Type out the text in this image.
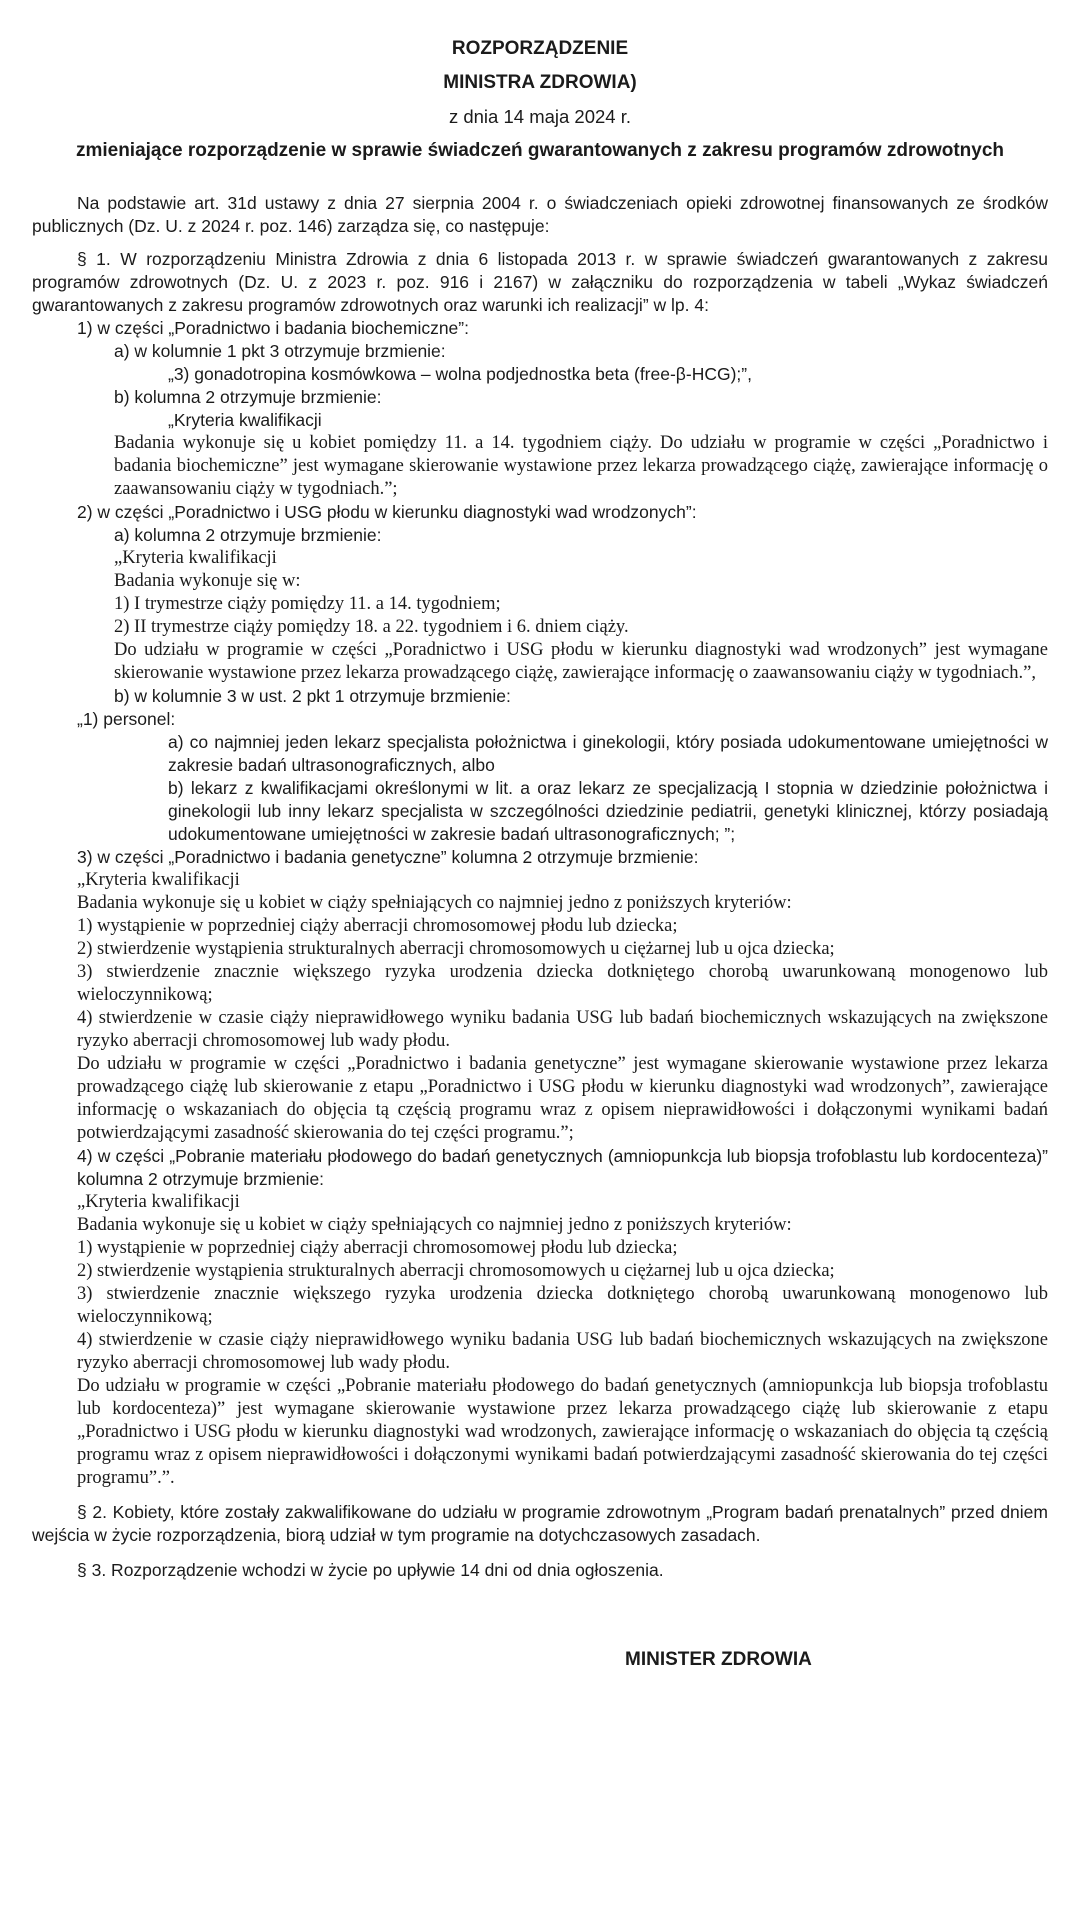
ROZPORZĄDZENIE
MINISTRA ZDROWIA)
z dnia 14 maja 2024 r.
zmieniające rozporządzenie w sprawie świadczeń gwarantowanych z zakresu programów zdrowotnych

Na podstawie art. 31d ustawy z dnia 27 sierpnia 2004 r. o świadczeniach opieki zdrowotnej finansowanych ze środków publicznych (Dz. U. z 2024 r. poz. 146) zarządza się, co następuje:

§ 1. W rozporządzeniu Ministra Zdrowia z dnia 6 listopada 2013 r. w sprawie świadczeń gwarantowanych z zakresu programów zdrowotnych (Dz. U. z 2023 r. poz. 916 i 2167) w załączniku do rozporządzenia w tabeli „Wykaz świadczeń gwarantowanych z zakresu programów zdrowotnych oraz warunki ich realizacji” w lp. 4:

1) w części „Poradnictwo i badania biochemiczne”:

a) w kolumnie 1 pkt 3 otrzymuje brzmienie:

„3) gonadotropina kosmówkowa – wolna podjednostka beta (free-β-HCG);”,

b) kolumna 2 otrzymuje brzmienie:

„Kryteria kwalifikacji

Badania wykonuje się u kobiet pomiędzy 11. a 14. tygodniem ciąży. Do udziału w programie w części „Poradnictwo i badania biochemiczne” jest wymagane skierowanie wystawione przez lekarza prowadzącego ciążę, zawierające informację o zaawansowaniu ciąży w tygodniach.”;

2) w części „Poradnictwo i USG płodu w kierunku diagnostyki wad wrodzonych”:

a) kolumna 2 otrzymuje brzmienie:

„Kryteria kwalifikacji

Badania wykonuje się w:

1) I trymestrze ciąży pomiędzy 11. a 14. tygodniem;

2) II trymestrze ciąży pomiędzy 18. a 22. tygodniem i 6. dniem ciąży.

Do udziału w programie w części „Poradnictwo i USG płodu w kierunku diagnostyki wad wrodzonych” jest wymagane skierowanie wystawione przez lekarza prowadzącego ciążę, zawierające informację o zaawansowaniu ciąży w tygodniach.”,

b) w kolumnie 3 w ust. 2 pkt 1 otrzymuje brzmienie:

„1) personel:

a) co najmniej jeden lekarz specjalista położnictwa i ginekologii, który posiada udokumentowane umiejętności w zakresie badań ultrasonograficznych, albo

b) lekarz z kwalifikacjami określonymi w lit. a oraz lekarz ze specjalizacją I stopnia w dziedzinie położnictwa i ginekologii lub inny lekarz specjalista w szczególności dziedzinie pediatrii, genetyki klinicznej, którzy posiadają udokumentowane umiejętności w zakresie badań ultrasonograficznych; ”;

3) w części „Poradnictwo i badania genetyczne” kolumna 2 otrzymuje brzmienie:

„Kryteria kwalifikacji

Badania wykonuje się u kobiet w ciąży spełniających co najmniej jedno z poniższych kryteriów:

1) wystąpienie w poprzedniej ciąży aberracji chromosomowej płodu lub dziecka;

2) stwierdzenie wystąpienia strukturalnych aberracji chromosomowych u ciężarnej lub u ojca dziecka;

3) stwierdzenie znacznie większego ryzyka urodzenia dziecka dotkniętego chorobą uwarunkowaną monogenowo lub wieloczynnikową;

4) stwierdzenie w czasie ciąży nieprawidłowego wyniku badania USG lub badań biochemicznych wskazujących na zwiększone ryzyko aberracji chromosomowej lub wady płodu.

Do udziału w programie w części „Poradnictwo i badania genetyczne” jest wymagane skierowanie wystawione przez lekarza prowadzącego ciążę lub skierowanie z etapu „Poradnictwo i USG płodu w kierunku diagnostyki wad wrodzonych”, zawierające informację o wskazaniach do objęcia tą częścią programu wraz z opisem nieprawidłowości i dołączonymi wynikami badań potwierdzającymi zasadność skierowania do tej części programu.”;

4) w części „Pobranie materiału płodowego do badań genetycznych (amniopunkcja lub biopsja trofoblastu lub kordocenteza)” kolumna 2 otrzymuje brzmienie:

„Kryteria kwalifikacji

Badania wykonuje się u kobiet w ciąży spełniających co najmniej jedno z poniższych kryteriów:

1) wystąpienie w poprzedniej ciąży aberracji chromosomowej płodu lub dziecka;

2) stwierdzenie wystąpienia strukturalnych aberracji chromosomowych u ciężarnej lub u ojca dziecka;

3) stwierdzenie znacznie większego ryzyka urodzenia dziecka dotkniętego chorobą uwarunkowaną monogenowo lub wieloczynnikową;

4) stwierdzenie w czasie ciąży nieprawidłowego wyniku badania USG lub badań biochemicznych wskazujących na zwiększone ryzyko aberracji chromosomowej lub wady płodu.

Do udziału w programie w części „Pobranie materiału płodowego do badań genetycznych (amniopunkcja lub biopsja trofoblastu lub kordocenteza)” jest wymagane skierowanie wystawione przez lekarza prowadzącego ciążę lub skierowanie z etapu „Poradnictwo i USG płodu w kierunku diagnostyki wad wrodzonych, zawierające informację o wskazaniach do objęcia tą częścią programu wraz z opisem nieprawidłowości i dołączonymi wynikami badań potwierdzającymi zasadność skierowania do tej części programu”.”.

§ 2. Kobiety, które zostały zakwalifikowane do udziału w programie zdrowotnym „Program badań prenatalnych” przed dniem wejścia w życie rozporządzenia, biorą udział w tym programie na dotychczasowych zasadach.

§ 3. Rozporządzenie wchodzi w życie po upływie 14 dni od dnia ogłoszenia.

MINISTER ZDROWIA
